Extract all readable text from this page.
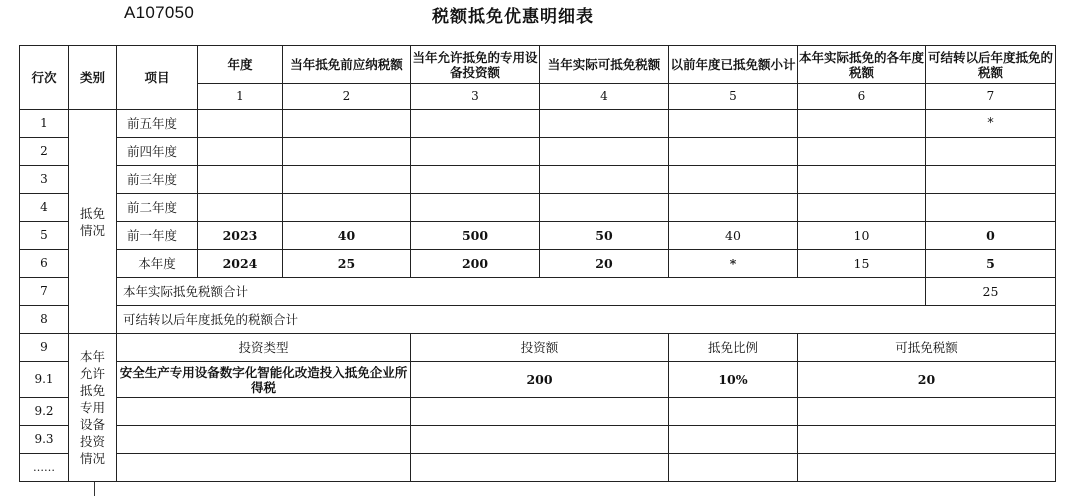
A107050	税额抵免优惠明细表
行次	类别	项目	年度	当年抵免前应纳税额	当年允许抵免的专用设备投资额	当年实际可抵免税额	以前年度已抵免额小计	本年实际抵免的各年度税额	可结转以后年度抵免的税额	
			1	2	3	4	5	6	7	
1	抵免情况	前五年度							*	
2		前四年度								
3		前三年度								
4		前二年度								
5		前一年度	2023	40	500	50	40	10	0	
6		本年度	2024	25	200	20	*	15	5	
7		本年实际抵免税额合计							25	
8		可结转以后年度抵免的税额合计	
9	本年允许抵免专用设备投资情况	投资类型			投资额		抵免比例	可抵免税额		
9.1		安全生产专用设备数字化智能化改造投入抵免企业所得税			200		10%	20		
9.2										
9.3										
……										
